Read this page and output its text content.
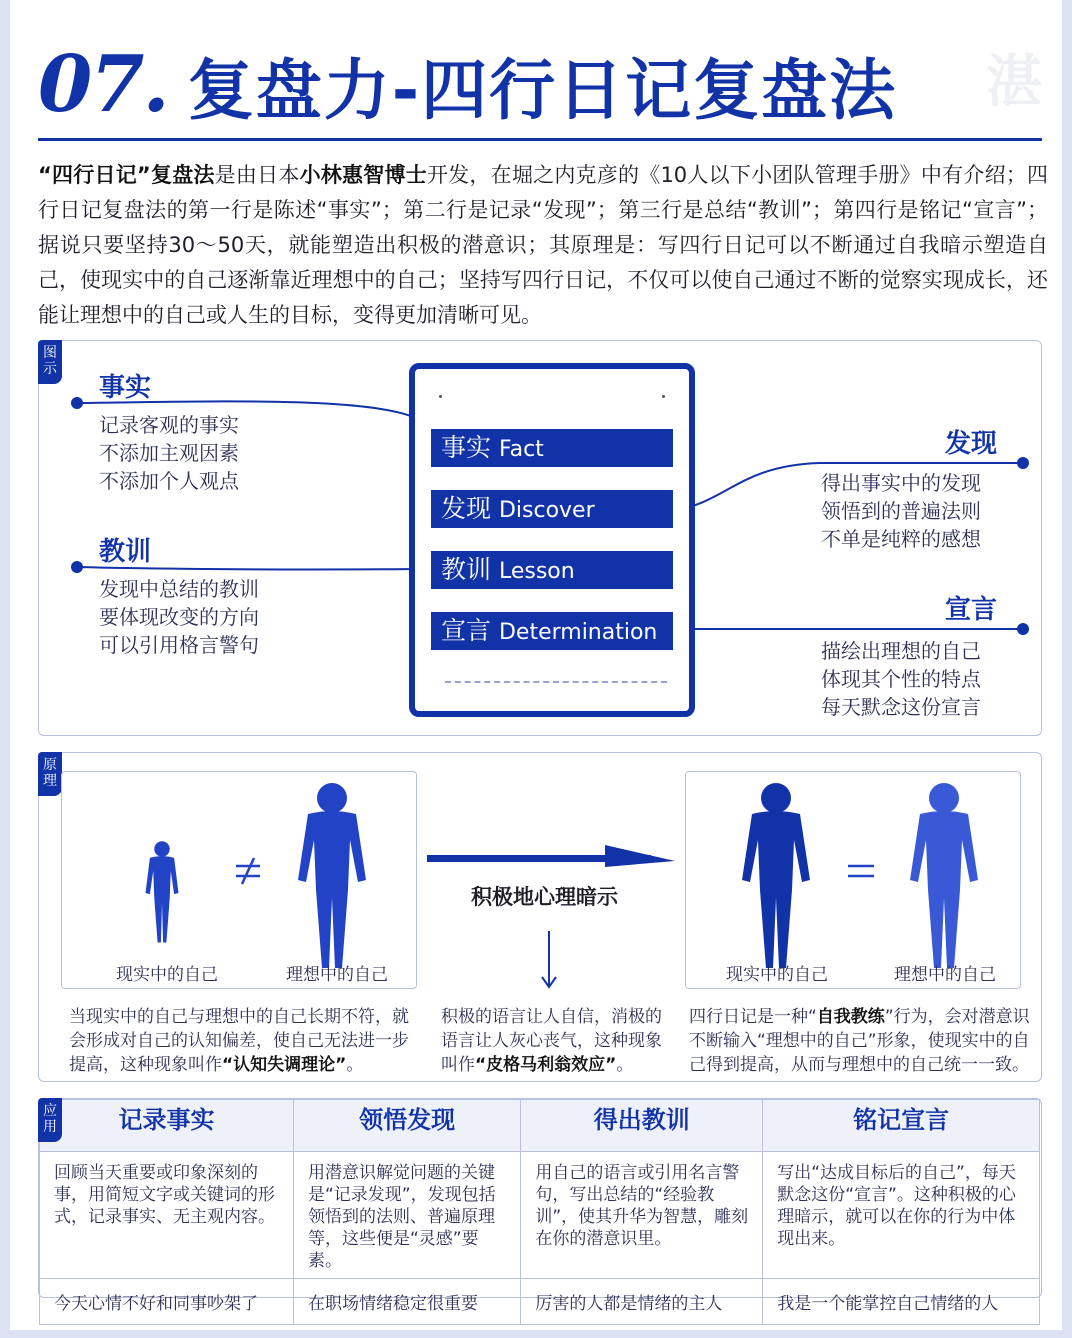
07. 复盘力-四行日记复盘法 湛
“四行日记”复盘法是由日本小林惠智博士开发，在堀之内克彦的《10人以下小团队管理手册》中有介绍；四行日记复盘法的第一行是陈述“事实”；第二行是记录“发现”；第三行是总结“教训”；第四行是铭记“宣言”；据说只要坚持30～50天，就能塑造出积极的潜意识；其原理是：写四行日记可以不断通过自我暗示塑造自己，使现实中的自己逐渐靠近理想中的自己；坚持写四行日记，不仅可以使自己通过不断的觉察实现成长，还能让理想中的自己或人生的目标，变得更加清晰可见。
图示
事实
记录客观的事实
不添加主观因素
不添加个人观点
教训
发现中总结的教训
要体现改变的方向
可以引用格言警句
发现
得出事实中的发现
领悟到的普遍法则
不单是纯粹的感想
宣言
描绘出理想的自己
体现其个性的特点
每天默念这份宣言
事实 Fact
发现 Discover
教训 Lesson
宣言 Determination
原理
现实中的自己	理想中的自己
积极地心理暗示
现实中的自己	理想中的自己
当现实中的自己与理想中的自己长期不符，就会形成对自己的认知偏差，使自己无法进一步提高，这种现象叫作“认知失调理论”。
积极的语言让人自信，消极的语言让人灰心丧气，这种现象叫作“皮格马利翁效应”。
四行日记是一种“自我教练”行为，会对潜意识不断输入“理想中的自己”形象，使现实中的自己得到提高，从而与理想中的自己统一一致。
记录事实	领悟发现	得出教训	铭记宣言
回顾当天重要或印象深刻的事，用简短文字或关键词的形式，记录事实、无主观内容。	用潜意识解觉问题的关键是“记录发现”，发现包括领悟到的法则、普遍原理等，这些便是“灵感”要素。	用自己的语言或引用名言警句，写出总结的“经验教训”，使其升华为智慧，雕刻在你的潜意识里。	写出“达成目标后的自己”，每天默念这份“宣言”。这种积极的心理暗示，就可以在你的行为中体现出来。
今天心情不好和同事吵架了	在职场情绪稳定很重要	厉害的人都是情绪的主人	我是一个能掌控自己情绪的人
应用
